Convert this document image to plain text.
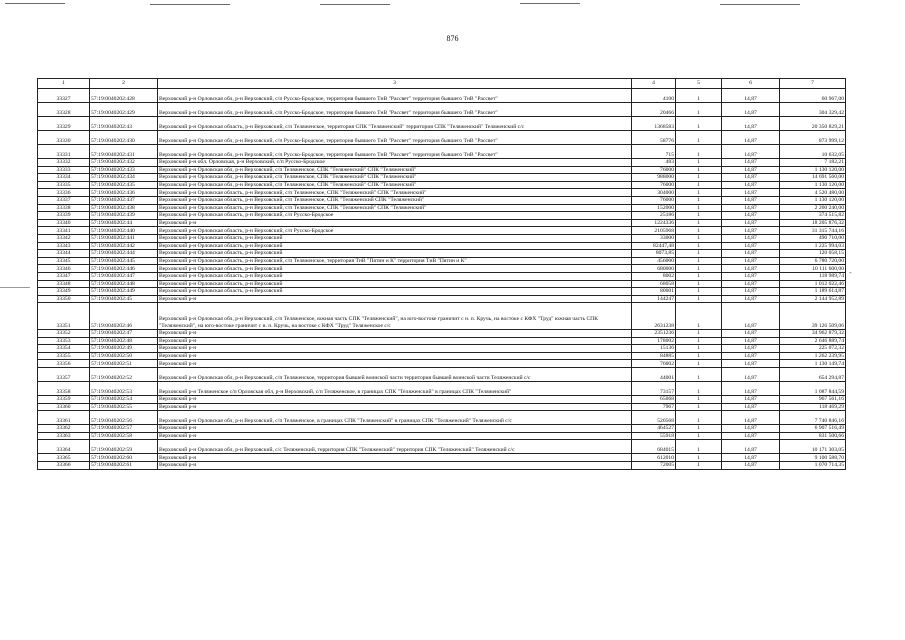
876
1	2	3	4	5	6	7
33327	57:19:0040202:428	Верховский р-н Орловская обл, р-н Верховский, с/п Русско-Бродское, территория бывшего ТнВ "Рассвет" территория бывшего ТнВ "Рассвет"	4100	1	14,87	60 967,00
33328	57:19:0040202:429	Верховский р-н Орловская обл, р-н Верховский, с/п Русско-Бродское, территория бывшего ТнВ "Рассвет" территория бывшего ТнВ "Рассвет"	20466	1	14,87	304 329,42
33329	57:19:0040202:43	Верховский р-н Орловская область, р-н Верховский, с/п Теляженское, территория СПК "Теляженский" территория СПК "Теляженский" Теляженский с/с	1368583	1	14,87	20 350 829,21
33330	57:19:0040202:430	Верховский р-н Орловская обл, р-н Верховский, с/п Русско-Бродское, территория бывшего ТнВ "Рассвет" территория бывшего ТнВ "Рассвет"	58776	1	14,87	873 999,12
33331	57:19:0040202:431	Верховский р-н Орловская обл, р-н Верховский, с/п Русско-Бродское, территория бывшего ТнВ "Рассвет" территория бывшего ТнВ "Рассвет"	715	1	14,87	10 632,05
33332	57:19:0040202:432	Верховский р-н обл. Орловская, р-н Верховский, с/п Русско-Бродское	483	1	14,87	7 182,21
33333	57:19:0040202:433	Верховский р-н Орловская обл, р-н Верховский, с/п Теляженское, СПК "Теляженский" СПК "Теляженский"	76000	1	14,87	1 130 120,00
33334	57:19:0040202:434	Верховский р-н Орловская обл, р-н Верховский, с/п Теляженское, СПК "Теляженский" СПК "Теляженский"	988000	1	14,87	14 691 560,00
33335	57:19:0040202:435	Верховский р-н Орловская обл, р-н Верховский, с/п Теляженское, СПК "Теляженский" СПК "Теляженский"	76000	1	14,87	1 130 120,00
33336	57:19:0040202:436	Верховский р-н Орловская область, р-н Верховский, с/п Теляженское, СПК "Теляженский" СПК "Теляженский"	304000	1	14,87	4 520 480,00
33337	57:19:0040202:437	Верховский р-н Орловская область, р-н Верховский, с/п Теляженское, СПК "Теляженский СПК "Теляженский"	76000	1	14,87	1 130 120,00
33338	57:19:0040202:438	Верховский р-н Орловская область, р-н Верховский, с/п Теляженское, СПК "Теляженский" СПК "Теляженский"	152000	1	14,87	2 260 240,00
33339	57:19:0040202:439	Верховский р-н Орловская область, р-н Верховский, с/п Русско-Бродское	25186	1	14,87	374 515,82
33340	57:19:0040202:44	Верховский р-н	1224336	1	14,87	18 205 876,32
33341	57:19:0040202:440	Верховский р-н Орловская область, р-н Верховский, с/п Русско-Бродское	2105968	1	14,87	31 315 744,16
33342	57:19:0040202:441	Верховский р-н Орловская область, р-н Верховский	33000	1	14,87	490 710,00
33343	57:19:0040202:442	Верховский р-н Орловская область, р-н Верховский	82447,48	1	14,87	1 225 994,03
33344	57:19:0040202:444	Верховский р-н Орловская область, р-н Верховский	8073,85	1	14,87	120 058,15
33345	57:19:0040202:445	Верховский р-н Орловская область, р-н Верховский, с/п Теляженское, территория ТнВ "Пятин и К" территория ТнВ "Пятин и К"	456000	1	14,87	6 780 720,00
33346	57:19:0040202:446	Верховский р-н Орловская область, р-н Верховский	680000	1	14,87	10 111 600,00
33347	57:19:0040202:447	Верховский р-н Орловская область, р-н Верховский	8002	1	14,87	118 989,74
33348	57:19:0040202:448	Верховский р-н Орловская область, р-н Верховский	68058	1	14,87	1 012 022,46
33349	57:19:0040202:449	Верховский р-н Орловская область, р-н Верховский	80001	1	14,87	1 189 614,87
33350	57:19:0040202:45	Верховский р-н	144247	1	14,87	2 144 952,89
33351	57:19:0040202:46	Верховский р-н Орловская обл, р-н Верховский, с/п Теляженское, южная часть СПК "Теляженский", на юго-востоке граничит с н. п. Кручь, на востоке с КФХ "Труд" южная часть СПК "Теляженский", на юго-востоке граничит с н. п. Кручь, на востоке с КФХ "Труд" Теляженское с/с	2631238	1	14,87	39 126 509,06
33352	57:19:0040202:47	Верховский р-н	2351236	1	14,87	34 962 879,32
33353	57:19:0040202:48	Верховский р-н	178002	1	14,87	2 646 889,74
33354	57:19:0040202:49	Верховский р-н	15136	1	14,87	225 072,32
33355	57:19:0040202:50	Верховский р-н	84885	1	14,87	1 262 239,95
33356	57:19:0040202:51	Верховский р-н	76002	1	14,87	1 130 149,74
33357	57:19:0040202:52	Верховский р-н Орловская обл, р-н Верховский, с/п Теляженское, территория бывшей воинской части территория бывшей воинской части Теляженский с/с	44001	1	14,87	654 294,87
33358	57:19:0040202:53	Верховский р-н Теляженское с/п Орловская обл, р-н Верховский, с/п Теляженское, в границах СПК "Теляженский" в границах СПК "Теляженский"	73157	1	14,87	1 087 844,59
33359	57:19:0040202:54	Верховский р-н	65068	1	14,87	967 561,16
33360	57:19:0040202:55	Верховский р-н	7967	1	14,87	118 469,29
33361	57:19:0040202:56	Верховский р-н Орловская обл, р-н Верховский, с/п Теляженское, в границах СПК "Теляженский" в границах СПК "Теляженский" Теляженский с/с	520568	1	14,87	7 740 846,16
33362	57:19:0040202:57	Верховский р-н	464527	1	14,87	6 907 516,49
33363	57:19:0040202:58	Верховский р-н	55918	1	14,87	831 500,66
33364	57:19:0040202:59	Верховский р-н Орловская обл, р-н Верховский, с/с Теляженский, территория СПК "Теляженский" территория СПК "Теляженский" Теляженский с/с	684015	1	14,87	10 171 303,05
33365	57:19:0040202:60	Верховский р-н	612010	1	14,87	9 100 588,70
33366	57:19:0040202:61	Верховский р-н	72005	1	14,87	1 070 714,35
-
